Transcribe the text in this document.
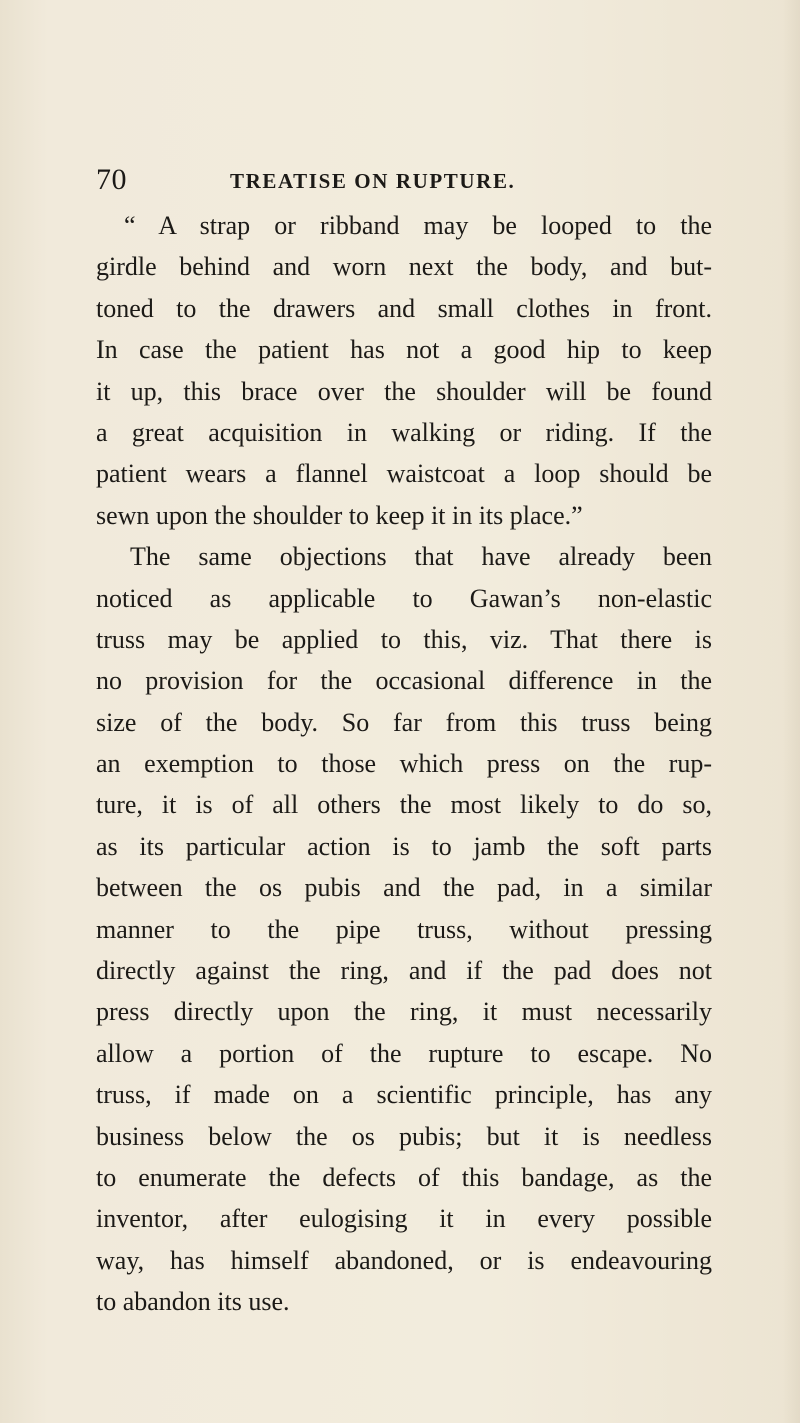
70	TREATISE ON RUPTURE.
“ A strap or ribband may be looped to the
girdle behind and worn next the body, and but-
toned to the drawers and small clothes in front.
In case the patient has not a good hip to keep
it up, this brace over the shoulder will be found
a great acquisition in walking or riding. If the
patient wears a flannel waistcoat a loop should be
sewn upon the shoulder to keep it in its place.”
The same objections that have already been
noticed as applicable to Gawan’s non-elastic
truss may be applied to this, viz. That there is
no provision for the occasional difference in the
size of the body. So far from this truss being
an exemption to those which press on the rup-
ture, it is of all others the most likely to do so,
as its particular action is to jamb the soft parts
between the os pubis and the pad, in a similar
manner to the pipe truss, without pressing
directly against the ring, and if the pad does not
press directly upon the ring, it must necessarily
allow a portion of the rupture to escape. No
truss, if made on a scientific principle, has any
business below the os pubis; but it is needless
to enumerate the defects of this bandage, as the
inventor, after eulogising it in every possible
way, has himself abandoned, or is endeavouring
to abandon its use.
